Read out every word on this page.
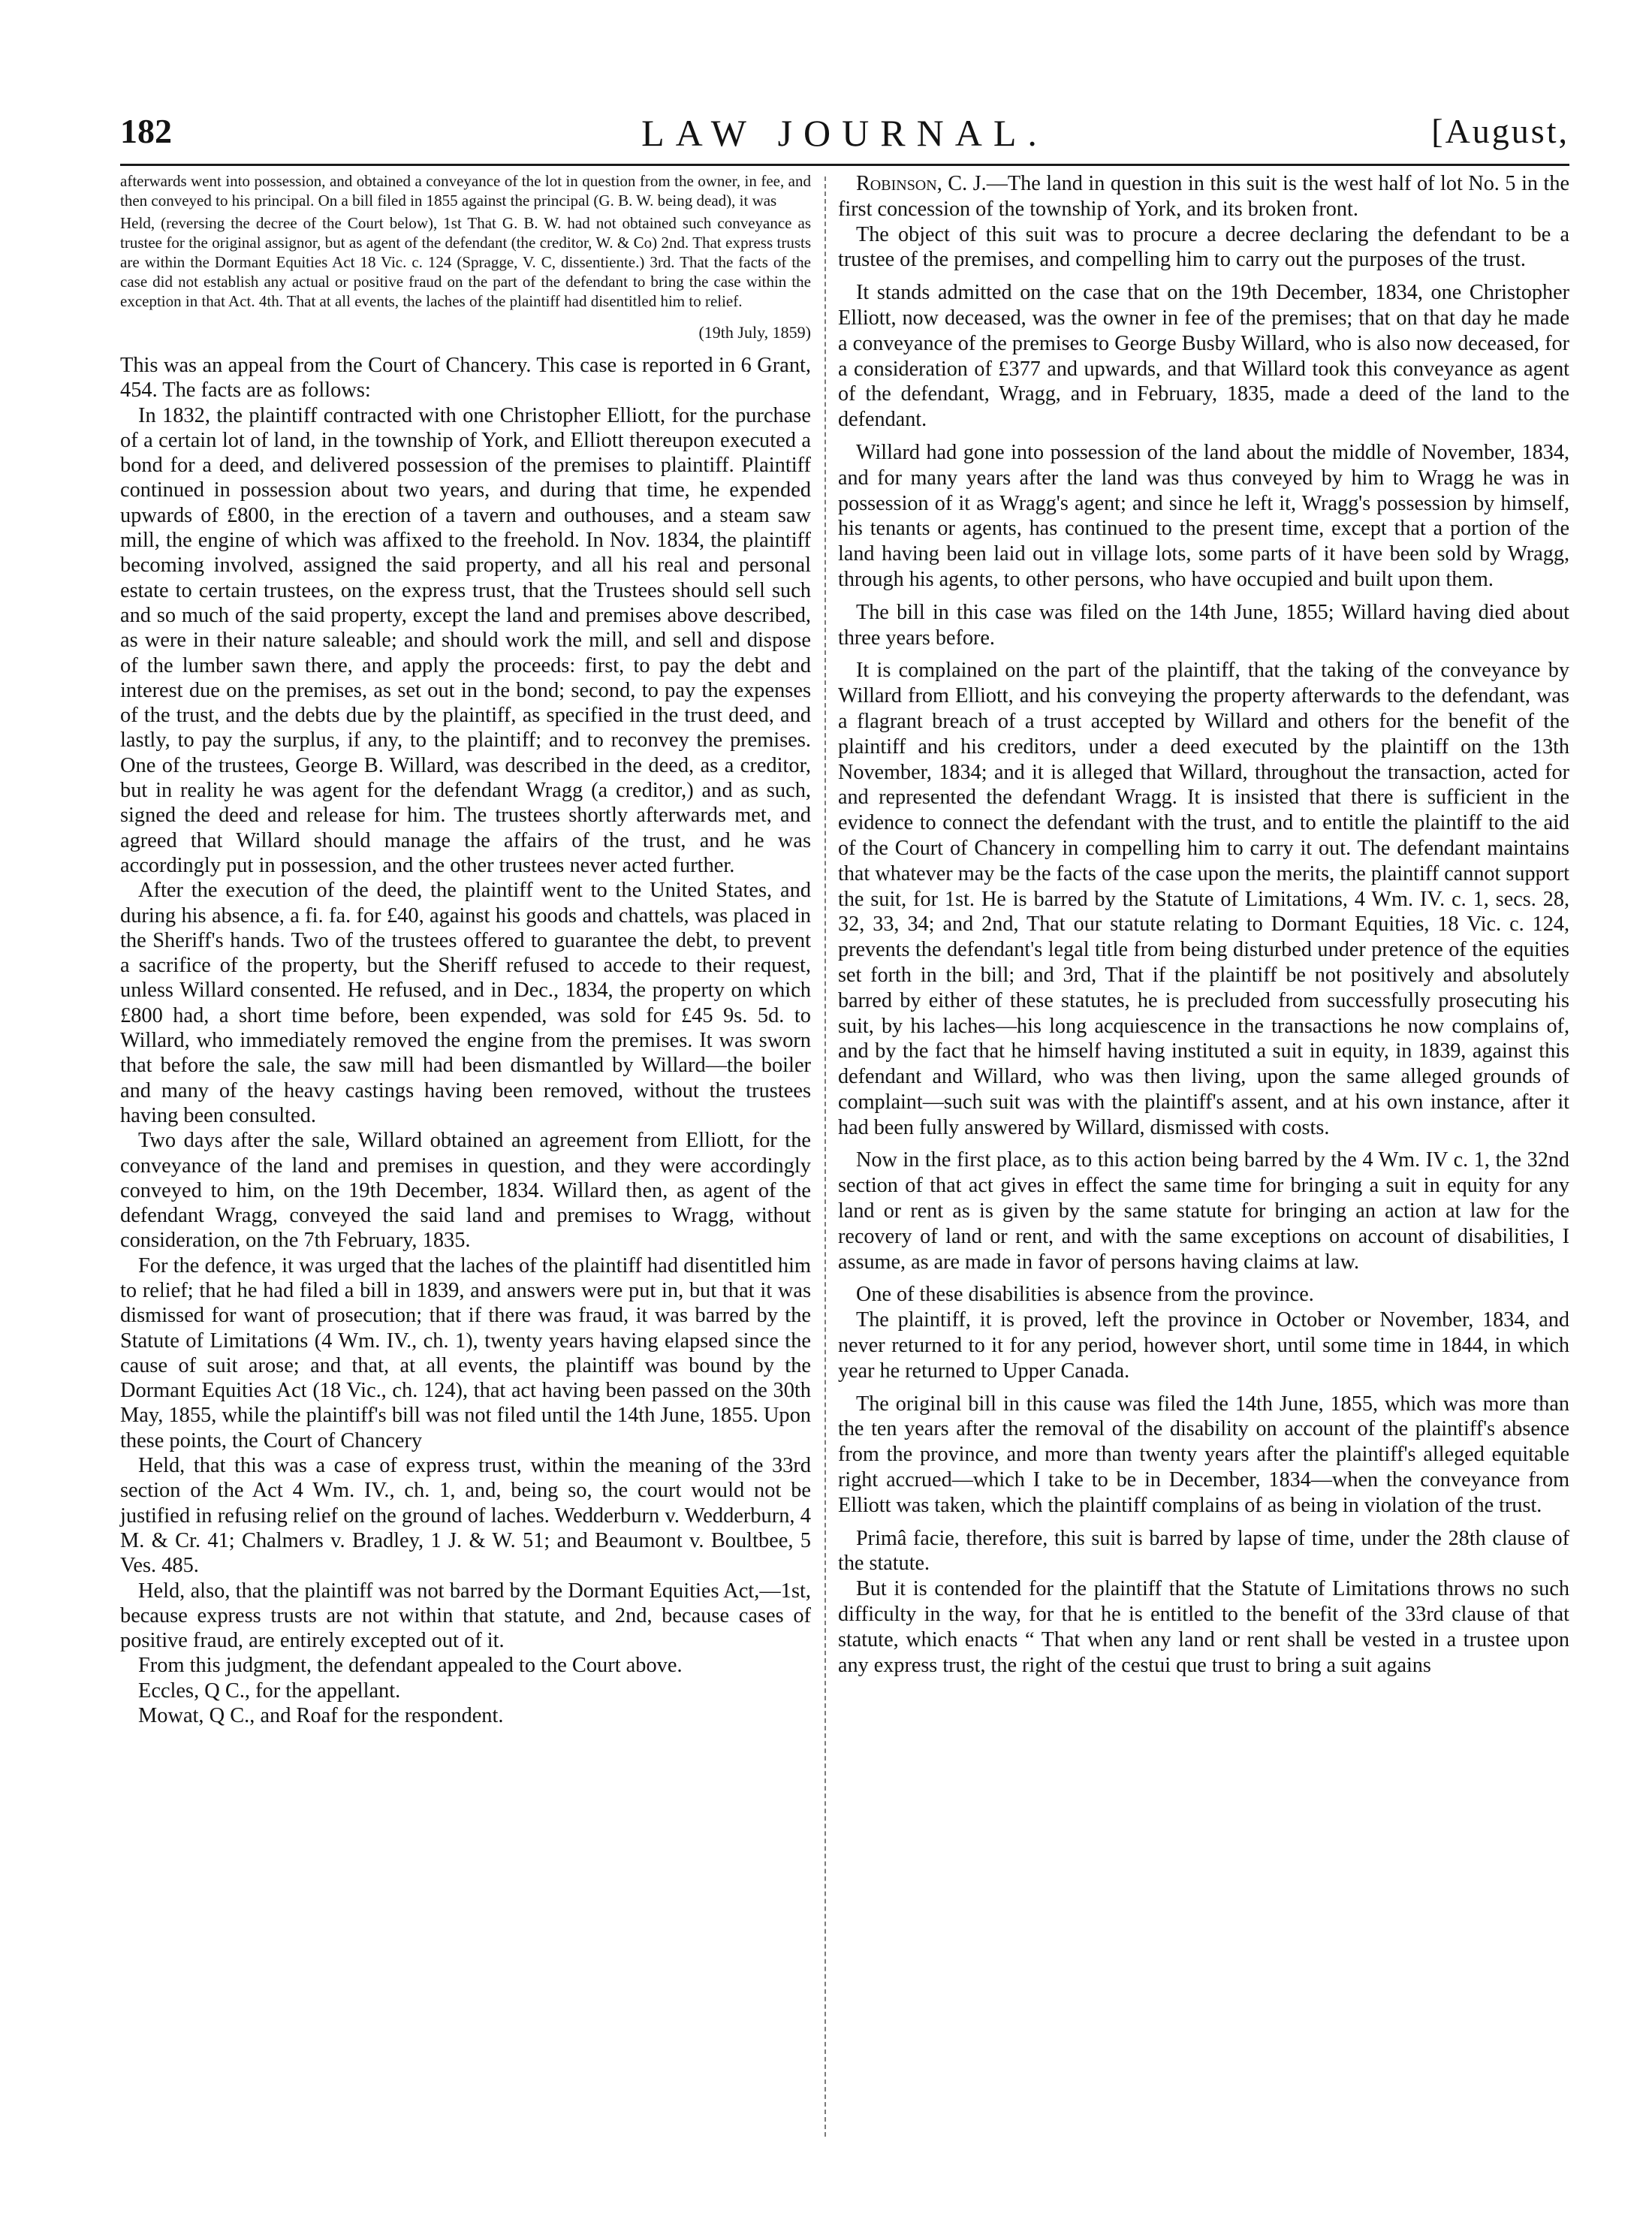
182	LAW JOURNAL.	[August,

afterwards went into possession, and obtained a conveyance of the lot in question from the owner, in fee, and then conveyed to his principal. On a bill filed in 1855 against the principal (G. B. W. being dead), it was

Held, (reversing the decree of the Court below), 1st That G. B. W. had not obtained such conveyance as trustee for the original assignor, but as agent of the defendant (the creditor, W. & Co) 2nd. That express trusts are within the Dormant Equities Act 18 Vic. c. 124 (Spragge, V. C, dissentiente.) 3rd. That the facts of the case did not establish any actual or positive fraud on the part of the defendant to bring the case within the exception in that Act. 4th. That at all events, the laches of the plaintiff had disentitled him to relief.

(19th July, 1859)

This was an appeal from the Court of Chancery. This case is reported in 6 Grant, 454. The facts are as follows:

In 1832, the plaintiff contracted with one Christopher Elliott, for the purchase of a certain lot of land, in the township of York, and Elliott thereupon executed a bond for a deed, and delivered possession of the premises to plaintiff. Plaintiff continued in possession about two years, and during that time, he expended upwards of £800, in the erection of a tavern and outhouses, and a steam saw mill, the engine of which was affixed to the freehold. In Nov. 1834, the plaintiff becoming involved, assigned the said property, and all his real and personal estate to certain trustees, on the express trust, that the Trustees should sell such and so much of the said property, except the land and premises above described, as were in their nature saleable; and should work the mill, and sell and dispose of the lumber sawn there, and apply the proceeds: first, to pay the debt and interest due on the premises, as set out in the bond; second, to pay the expenses of the trust, and the debts due by the plaintiff, as specified in the trust deed, and lastly, to pay the surplus, if any, to the plaintiff; and to reconvey the premises. One of the trustees, George B. Willard, was described in the deed, as a creditor, but in reality he was agent for the defendant Wragg (a creditor,) and as such, signed the deed and release for him. The trustees shortly afterwards met, and agreed that Willard should manage the affairs of the trust, and he was accordingly put in possession, and the other trustees never acted further.

After the execution of the deed, the plaintiff went to the United States, and during his absence, a fi. fa. for £40, against his goods and chattels, was placed in the Sheriff's hands. Two of the trustees offered to guarantee the debt, to prevent a sacrifice of the property, but the Sheriff refused to accede to their request, unless Willard consented. He refused, and in Dec., 1834, the property on which £800 had, a short time before, been expended, was sold for £45 9s. 5d. to Willard, who immediately removed the engine from the premises. It was sworn that before the sale, the saw mill had been dismantled by Willard—the boiler and many of the heavy castings having been removed, without the trustees having been consulted.

Two days after the sale, Willard obtained an agreement from Elliott, for the conveyance of the land and premises in question, and they were accordingly conveyed to him, on the 19th December, 1834. Willard then, as agent of the defendant Wragg, conveyed the said land and premises to Wragg, without consideration, on the 7th February, 1835.

For the defence, it was urged that the laches of the plaintiff had disentitled him to relief; that he had filed a bill in 1839, and answers were put in, but that it was dismissed for want of prosecution; that if there was fraud, it was barred by the Statute of Limitations (4 Wm. IV., ch. 1), twenty years having elapsed since the cause of suit arose; and that, at all events, the plaintiff was bound by the Dormant Equities Act (18 Vic., ch. 124), that act having been passed on the 30th May, 1855, while the plaintiff's bill was not filed until the 14th June, 1855. Upon these points, the Court of Chancery

Held, that this was a case of express trust, within the meaning of the 33rd section of the Act 4 Wm. IV., ch. 1, and, being so, the court would not be justified in refusing relief on the ground of laches. Wedderburn v. Wedderburn, 4 M. & Cr. 41; Chalmers v. Bradley, 1 J. & W. 51; and Beaumont v. Boultbee, 5 Ves. 485.

Held, also, that the plaintiff was not barred by the Dormant Equities Act,—1st, because express trusts are not within that statute, and 2nd, because cases of positive fraud, are entirely excepted out of it.

From this judgment, the defendant appealed to the Court above.

Eccles, Q C., for the appellant.

Mowat, Q C., and Roaf for the respondent.

Robinson, C. J.—The land in question in this suit is the west half of lot No. 5 in the first concession of the township of York, and its broken front.

The object of this suit was to procure a decree declaring the defendant to be a trustee of the premises, and compelling him to carry out the purposes of the trust.

It stands admitted on the case that on the 19th December, 1834, one Christopher Elliott, now deceased, was the owner in fee of the premises; that on that day he made a conveyance of the premises to George Busby Willard, who is also now deceased, for a consideration of £377 and upwards, and that Willard took this conveyance as agent of the defendant, Wragg, and in February, 1835, made a deed of the land to the defendant.

Willard had gone into possession of the land about the middle of November, 1834, and for many years after the land was thus conveyed by him to Wragg he was in possession of it as Wragg's agent; and since he left it, Wragg's possession by himself, his tenants or agents, has continued to the present time, except that a portion of the land having been laid out in village lots, some parts of it have been sold by Wragg, through his agents, to other persons, who have occupied and built upon them.

The bill in this case was filed on the 14th June, 1855; Willard having died about three years before.

It is complained on the part of the plaintiff, that the taking of the conveyance by Willard from Elliott, and his conveying the property afterwards to the defendant, was a flagrant breach of a trust accepted by Willard and others for the benefit of the plaintiff and his creditors, under a deed executed by the plaintiff on the 13th November, 1834; and it is alleged that Willard, throughout the transaction, acted for and represented the defendant Wragg. It is insisted that there is sufficient in the evidence to connect the defendant with the trust, and to entitle the plaintiff to the aid of the Court of Chancery in compelling him to carry it out. The defendant maintains that whatever may be the facts of the case upon the merits, the plaintiff cannot support the suit, for 1st. He is barred by the Statute of Limitations, 4 Wm. IV. c. 1, secs. 28, 32, 33, 34; and 2nd, That our statute relating to Dormant Equities, 18 Vic. c. 124, prevents the defendant's legal title from being disturbed under pretence of the equities set forth in the bill; and 3rd, That if the plaintiff be not positively and absolutely barred by either of these statutes, he is precluded from successfully prosecuting his suit, by his laches—his long acquiescence in the transactions he now complains of, and by the fact that he himself having instituted a suit in equity, in 1839, against this defendant and Willard, who was then living, upon the same alleged grounds of complaint—such suit was with the plaintiff's assent, and at his own instance, after it had been fully answered by Willard, dismissed with costs.

Now in the first place, as to this action being barred by the 4 Wm. IV c. 1, the 32nd section of that act gives in effect the same time for bringing a suit in equity for any land or rent as is given by the same statute for bringing an action at law for the recovery of land or rent, and with the same exceptions on account of disabilities, I assume, as are made in favor of persons having claims at law.

One of these disabilities is absence from the province.

The plaintiff, it is proved, left the province in October or November, 1834, and never returned to it for any period, however short, until some time in 1844, in which year he returned to Upper Canada.

The original bill in this cause was filed the 14th June, 1855, which was more than the ten years after the removal of the disability on account of the plaintiff's absence from the province, and more than twenty years after the plaintiff's alleged equitable right accrued—which I take to be in December, 1834—when the conveyance from Elliott was taken, which the plaintiff complains of as being in violation of the trust.

Primâ facie, therefore, this suit is barred by lapse of time, under the 28th clause of the statute.

But it is contended for the plaintiff that the Statute of Limitations throws no such difficulty in the way, for that he is entitled to the benefit of the 33rd clause of that statute, which enacts “ That when any land or rent shall be vested in a trustee upon any express trust, the right of the cestui que trust to bring a suit agains
